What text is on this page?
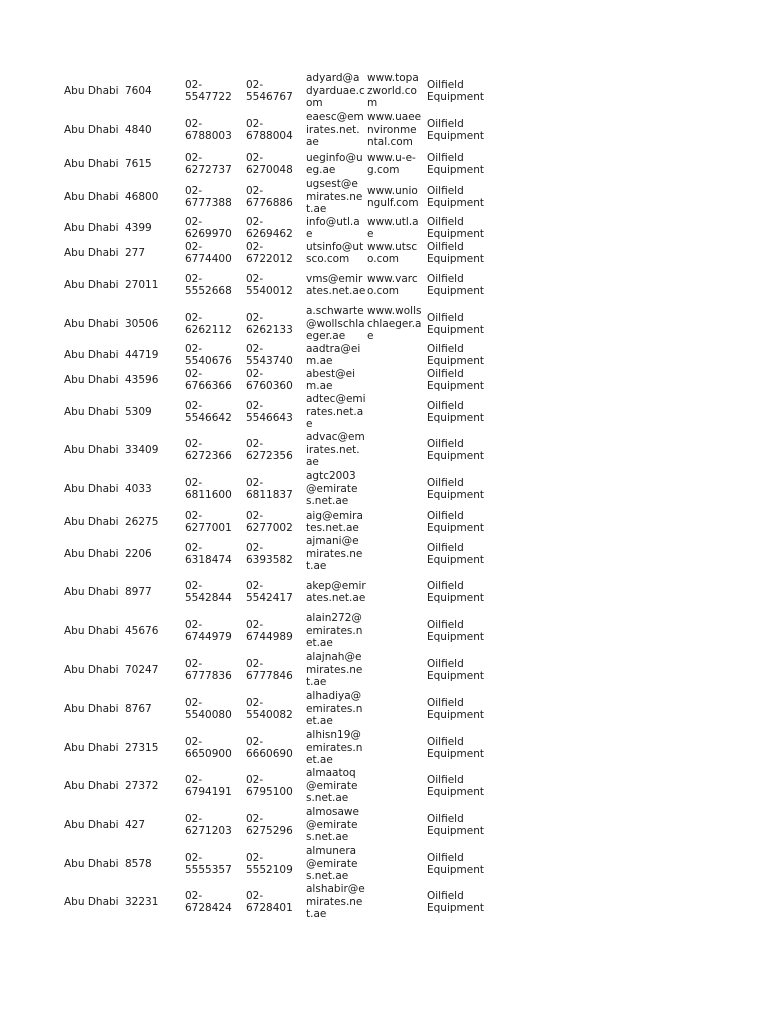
Abu Dhabi 7604
02-
5547722
02-
5546767
adyard@adyarduae.com
www.topazworld.com
Oilfield Equipment
Abu Dhabi 4840
02-
6788003
02-
6788004
eaesc@emirates.net.ae
www.uaeenvironmental.com
Oilfield Equipment
Abu Dhabi 7615
02-
6272737
02-
6270048
ueginfo@ueg.ae
www.u-e-g.com
Oilfield Equipment
Abu Dhabi 46800
02-
6777388
02-
6776886
ugsest@emirates.net.ae
www.uniongulf.com
Oilfield Equipment
Abu Dhabi 4399
02-
6269970
02-
6269462
info@utl.ae
www.utl.ae
Oilfield Equipment
Abu Dhabi 277
02-
6774400
02-
6722012
utsinfo@utsco.com
www.utsco.com
Oilfield Equipment
Abu Dhabi 27011
02-
5552668
02-
5540012
vms@emirates.net.ae
www.varco.com
Oilfield Equipment
Abu Dhabi 30506
02-
6262112
02-
6262133
a.schwarte@wollschlaeger.ae
www.wollschlaeger.ae
Oilfield Equipment
Abu Dhabi 44719
02-
5540676
02-
5543740
aadtra@eim.ae
Oilfield Equipment
Abu Dhabi 43596
02-
6766366
02-
6760360
abest@eim.ae
Oilfield Equipment
Abu Dhabi 5309
02-
5546642
02-
5546643
adtec@emirates.net.ae
Oilfield Equipment
Abu Dhabi 33409
02-
6272366
02-
6272356
advac@emirates.net.ae
Oilfield Equipment
Abu Dhabi 4033
02-
6811600
02-
6811837
agtc2003@emirates.net.ae
Oilfield Equipment
Abu Dhabi 26275
02-
6277001
02-
6277002
aig@emirates.net.ae
Oilfield Equipment
Abu Dhabi 2206
02-
6318474
02-
6393582
ajmani@emirates.net.ae
Oilfield Equipment
Abu Dhabi 8977
02-
5542844
02-
5542417
akep@emirates.net.ae
Oilfield Equipment
Abu Dhabi 45676
02-
6744979
02-
6744989
alain272@emirates.net.ae
Oilfield Equipment
Abu Dhabi 70247
02-
6777836
02-
6777846
alajnah@emirates.net.ae
Oilfield Equipment
Abu Dhabi 8767
02-
5540080
02-
5540082
alhadiya@emirates.net.ae
Oilfield Equipment
Abu Dhabi 27315
02-
6650900
02-
6660690
alhisn19@emirates.net.ae
Oilfield Equipment
Abu Dhabi 27372
02-
6794191
02-
6795100
almaatoq@emirates.net.ae
Oilfield Equipment
Abu Dhabi 427
02-
6271203
02-
6275296
almosawe@emirates.net.ae
Oilfield Equipment
Abu Dhabi 8578
02-
5555357
02-
5552109
almunera@emirates.net.ae
Oilfield Equipment
Abu Dhabi 32231
02-
6728424
02-
6728401
alshabir@emirates.net.ae
Oilfield Equipment
